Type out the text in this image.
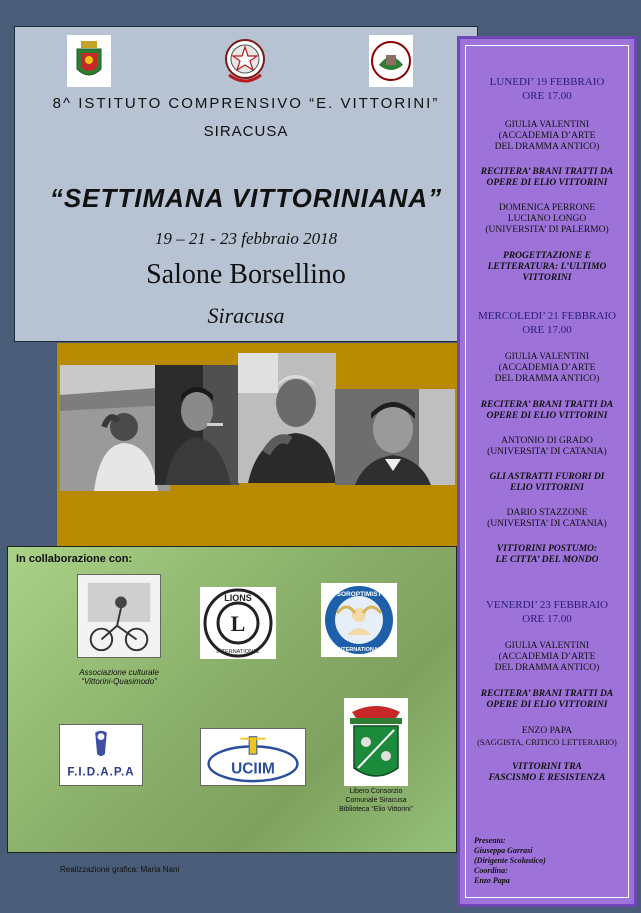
8^ ISTITUTO COMPRENSIVO “E. VITTORINI”
SIRACUSA
“SETTIMANA VITTORINIANA”
19 – 21 - 23 febbraio 2018
Salone Borsellino
Siracusa
In collaborazione con:
Associazione culturale
“Vittorini-Quasimodo”
L
LIONS
INTERNATIONAL
SOROPTIMIST
INTERNATIONAL
F.I.D.A.P.A	UCIIM
Libero Consorzio
Comunale Siracusa
Biblioteca “Elio Vittorini”
Realizzazione grafica: Maria Nani
LUNEDI’ 19 FEBBRAIO
ORE 17.00
GIULIA VALENTINI
(ACCADEMIA D’ARTE
DEL DRAMMA ANTICO)
RECITERA’ BRANI TRATTI DA
OPERE DI ELIO VITTORINI
DOMENICA PERRONE
LUCIANO LONGO
(UNIVERSITA’ DI PALERMO)
PROGETTAZIONE E
LETTERATURA: L’ULTIMO
VITTORINI
MERCOLEDI’ 21 FEBBRAIO
ORE 17.00
GIULIA VALENTINI
(ACCADEMIA D’ARTE
DEL DRAMMA ANTICO)
RECITERA’ BRANI TRATTI DA
OPERE DI ELIO VITTORINI
ANTONIO DI GRADO
(UNIVERSITA’ DI CATANIA)
GLI ASTRATTI FURORI DI
ELIO VITTORINI
DARIO STAZZONE
(UNIVERSITA’ DI CATANIA)
VITTORINI POSTUMO:
LE CITTA’ DEL MONDO
VENERDI’ 23 FEBBRAIO
ORE 17.00
GIULIA VALENTINI
(ACCADEMIA D’ARTE
DEL DRAMMA ANTICO)
RECITERA’ BRANI TRATTI DA
OPERE DI ELIO VITTORINI
ENZO PAPA
(SAGGISTA, CRITICO LETTERARIO)
VITTORINI TRA
FASCISMO E RESISTENZA
Presenta:
Giuseppa Garrasi
(Dirigente Scolastico)
Coordina:
Enzo Papa
